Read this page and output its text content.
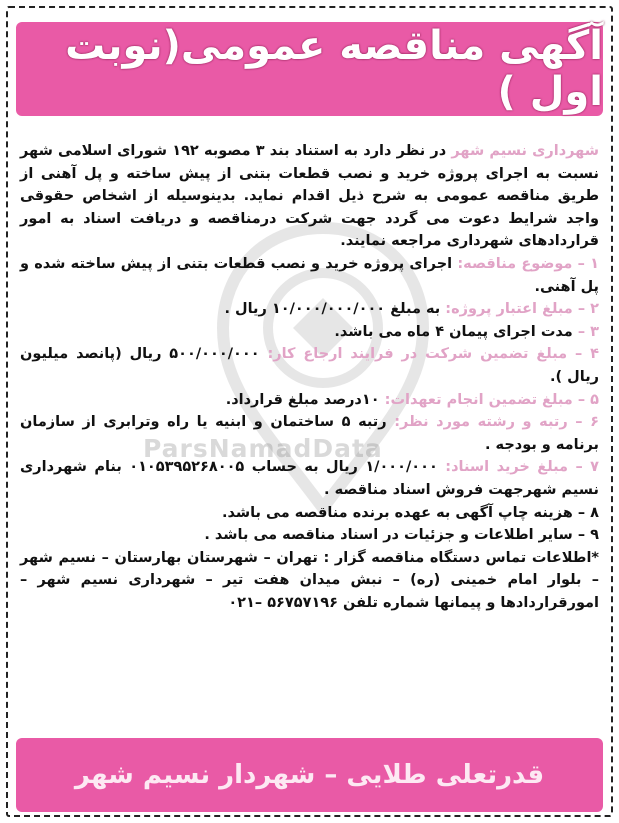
آگهی مناقصه عمومی(نوبت اول )

شهرداری نسیم شهر در نظر دارد به استناد بند ۳ مصوبه ۱۹۲ شورای اسلامی شهر نسبت به اجرای پروژه خرید و نصب قطعات بتنی از پیش ساخته و پل آهنی از طریق مناقصه عمومی به شرح ذیل اقدام نماید. بدینوسیله از اشخاص حقوقی واجد شرایط دعوت می گردد جهت شرکت درمناقصه و دریافت اسناد به امور قراردادهای شهرداری مراجعه نمایند.

۱ – موضوع مناقصه: اجرای پروژه خرید و نصب قطعات بتنی از پیش ساخته شده و پل آهنی.

۲ – مبلغ اعتبار پروژه: به مبلغ ۱۰/۰۰۰/۰۰۰/۰۰۰ ریال .

۳ – مدت اجرای پیمان ۴ ماه می باشد.

۴ – مبلغ تضمین شرکت در فرایند ارجاع کار: ۵۰۰/۰۰۰/۰۰۰ ریال (پانصد میلیون ریال ).

۵ – مبلغ تضمین انجام تعهدات: ۱۰درصد مبلغ قرارداد.

۶ – رتبه و رشته مورد نظر: رتبه ۵ ساختمان و ابنیه یا راه وترابری از سازمان برنامه و بودجه .

۷ – مبلغ خرید اسناد: ۱/۰۰۰/۰۰۰ ریال به حساب ۰۱۰۵۳۹۵۲۶۸۰۰۵ بنام شهرداری نسیم شهرجهت فروش اسناد مناقصه .

۸ – هزینه چاپ آگهی به عهده برنده مناقصه می باشد.

۹ – سایر اطلاعات و جزئیات در اسناد مناقصه می باشد .

*اطلاعات تماس دستگاه مناقصه گزار : تهران – شهرستان بهارستان – نسیم شهر – بلوار امام خمینی (ره) – نبش میدان هفت تیر – شهرداری نسیم شهر – امورقراردادها و پیمانها شماره تلفن ۵۶۷۵۷۱۹۶ –۰۲۱

ParsNamadData
قدرتعلی طلایی – شهردار نسیم شهر
